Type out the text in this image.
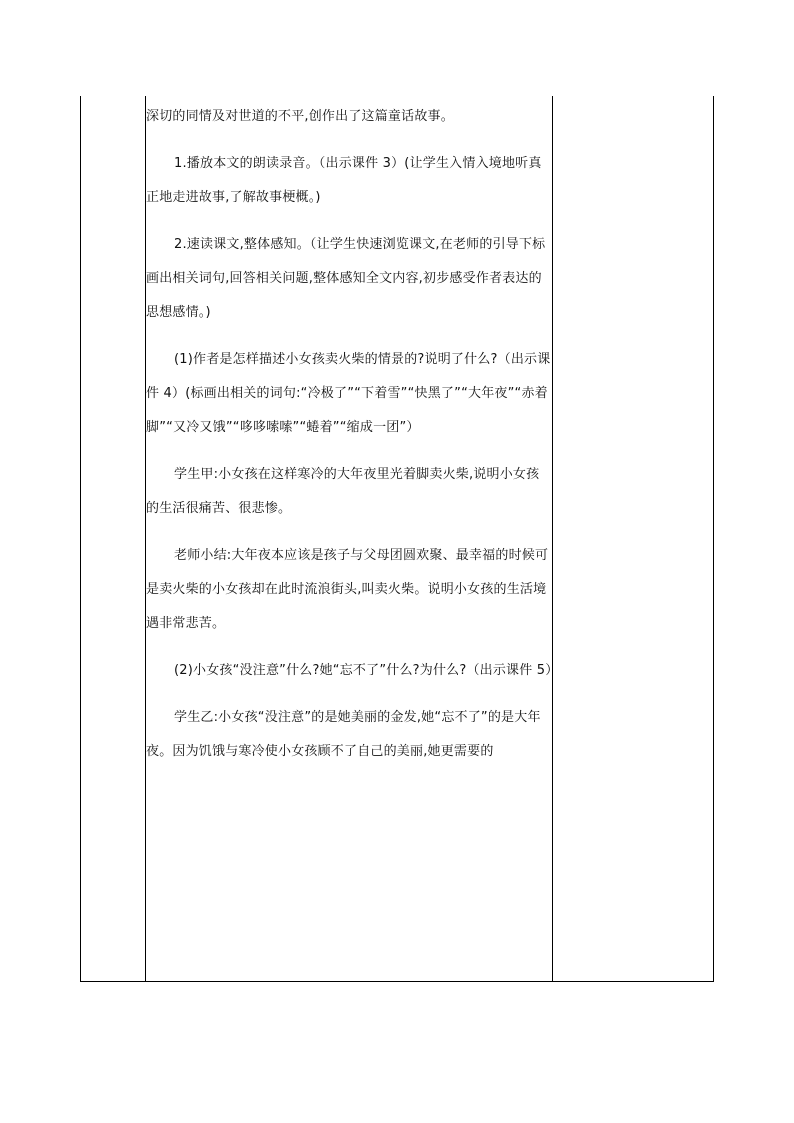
深切的同情及对世道的不平,创作出了这篇童话故事。

1.播放本文的朗读录音。（出示课件 3）(让学生入情入境地听真正地走进故事,了解故事梗概。)

2.速读课文,整体感知。（让学生快速浏览课文,在老师的引导下标画出相关词句,回答相关问题,整体感知全文内容,初步感受作者表达的思想感情。)

(1)作者是怎样描述小女孩卖火柴的情景的?说明了什么?（出示课件 4）(标画出相关的词句:“冷极了”“下着雪”“快黑了”“大年夜”“赤着脚”“又冷又饿”“哆哆嗦嗦”“蜷着”“缩成一团”）

学生甲:小女孩在这样寒冷的大年夜里光着脚卖火柴,说明小女孩的生活很痛苦、很悲惨。

老师小结:大年夜本应该是孩子与父母团圆欢聚、最幸福的时候可是卖火柴的小女孩却在此时流浪街头,叫卖火柴。说明小女孩的生活境遇非常悲苦。

(2)小女孩“没注意”什么?她“忘不了”什么?为什么?（出示课件 5）

学生乙:小女孩“没注意”的是她美丽的金发,她“忘不了”的是大年夜。因为饥饿与寒冷使小女孩顾不了自己的美丽,她更需要的
